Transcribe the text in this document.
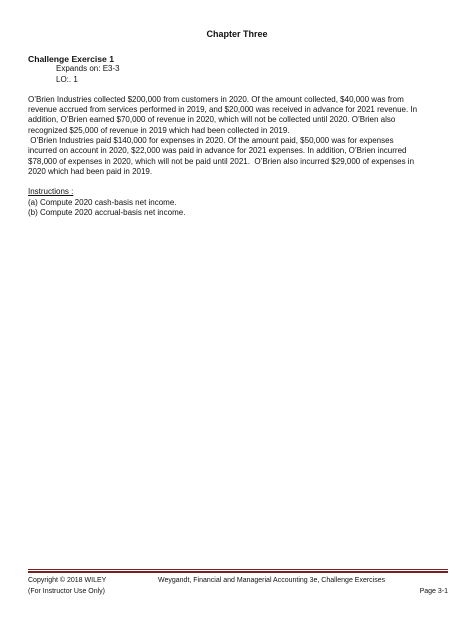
Chapter Three

Challenge Exercise 1

Expands on: E3-3
LO:. 1
O’Brien Industries collected $200,000 from customers in 2020. Of the amount collected, $40,000 was from
revenue accrued from services performed in 2019, and $20,000 was received in advance for 2021 revenue. In
addition, O’Brien earned $70,000 of revenue in 2020, which will not be collected until 2020. O’Brien also
recognized $25,000 of revenue in 2019 which had been collected in 2019.
O’Brien Industries paid $140,000 for expenses in 2020. Of the amount paid, $50,000 was for expenses
incurred on account in 2020, $22,000 was paid in advance for 2021 expenses. In addition, O’Brien incurred
$78,000 of expenses in 2020, which will not be paid until 2021.  O’Brien also incurred $29,000 of expenses in
2020 which had been paid in 2019.
Instructions :
(a) Compute 2020 cash-basis net income.
(b) Compute 2020 accrual-basis net income.
Copyright © 2018 WILEY	Weygandt, Financial and Managerial Accounting 3e, Challenge Exercises
(For Instructor Use Only)	Page 3-1
